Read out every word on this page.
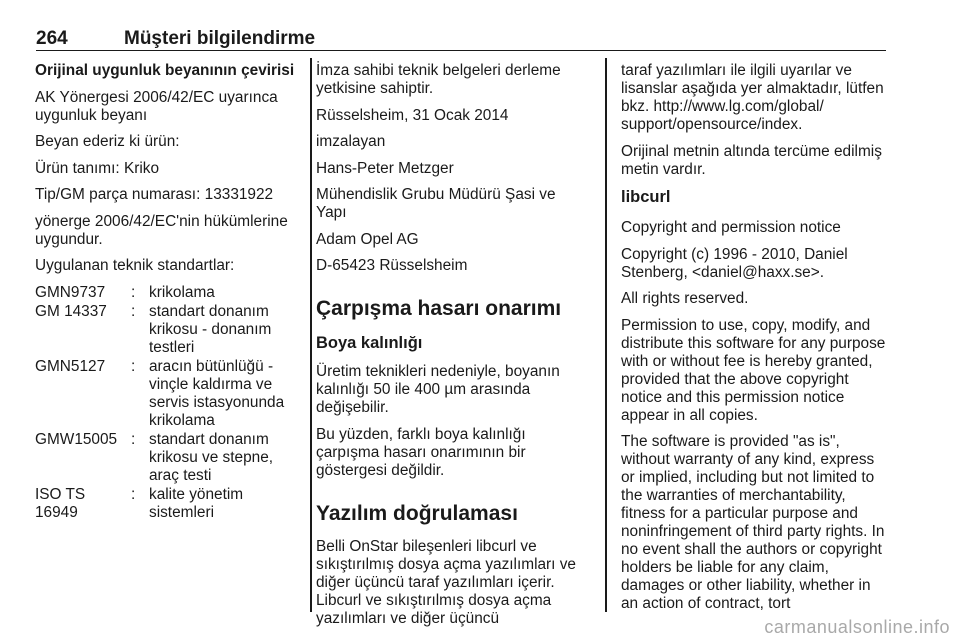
264	Müşteri bilgilendirme

Orijinal uygunluk beyanının çevirisi

AK Yönergesi 2006/42/EC uyarınca uygunluk beyanı

Beyan ederiz ki ürün:

Ürün tanımı: Kriko

Tip/GM parça numarası: 13331922

yönerge 2006/42/EC'nin hükümlerine uygundur.

Uygulanan teknik standartlar:

GMN9737	:	krikolama
GM 14337	:	standart donanım krikosu - donanım testleri
GMN5127	:	aracın bütünlüğü - vinçle kaldırma ve servis istasyonunda krikolama
GMW15005	:	standart donanım krikosu ve stepne, araç testi
ISO TS 16949	:	kalite yönetim sistemleri

İmza sahibi teknik belgeleri derleme yetkisine sahiptir.

Rüsselsheim, 31 Ocak 2014

imzalayan

Hans-Peter Metzger

Mühendislik Grubu Müdürü Şasi ve Yapı

Adam Opel AG

D-65423 Rüsselsheim

Çarpışma hasarı onarımı
Boya kalınlığı

Üretim teknikleri nedeniyle, boyanın kalınlığı 50 ile 400 µm arasında değişebilir.

Bu yüzden, farklı boya kalınlığı çarpışma hasarı onarımının bir göstergesi değildir.

Yazılım doğrulaması

Belli OnStar bileşenleri libcurl ve sıkıştırılmış dosya açma yazılımları ve diğer üçüncü taraf yazılımları içerir. Libcurl ve sıkıştırılmış dosya açma yazılımları ve diğer üçüncü

taraf yazılımları ile ilgili uyarılar ve lisanslar aşağıda yer almaktadır, lütfen bkz. http://www.lg.com/global/ support/opensource/index.

Orijinal metnin altında tercüme edilmiş metin vardır.

libcurl

Copyright and permission notice

Copyright (c) 1996 - 2010, Daniel Stenberg, <daniel@haxx.se>.

All rights reserved.

Permission to use, copy, modify, and distribute this software for any purpose with or without fee is hereby granted, provided that the above copyright notice and this permission notice appear in all copies.

The software is provided "as is", without warranty of any kind, express or implied, including but not limited to the warranties of merchantability, fitness for a particular purpose and noninfringement of third party rights. In no event shall the authors or copyright holders be liable for any claim, damages or other liability, whether in an action of contract, tort

carmanualsonline.info
